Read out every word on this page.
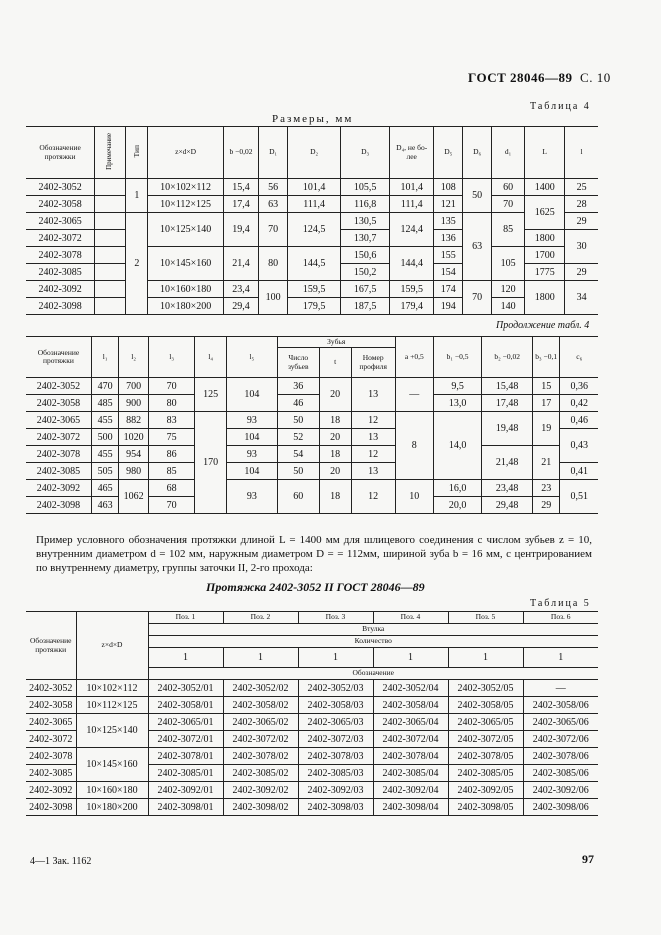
ГОСТ 28046—89 С. 10
Таблица 4
Размеры, мм
Обозначение протяжки	Примечание	Тип	z×d×D	b −0,02	D₁	D₂	D₃	D₄, не бо-лее	D₅	D₆	d₁	L	l
2402-3052		1	10×102×112	15,4	56	101,4	105,5	101,4	108	50	60	1400	25
2402-3058			10×112×125	17,4	63	111,4	116,8	111,4	121		70	1625	28
2402-3065		2	10×125×140	19,4	70	124,5	130,5	124,4	135	63	85		29
2402-3072							130,7		136			1800	30
2402-3078			10×145×160	21,4	80	144,5	150,6	144,4	155		105	1700	
2402-3085							150,2		154			1775	29
2402-3092			10×160×180	23,4	100	159,5	167,5	159,5	174	70	120	1800	34
2402-3098			10×180×200	29,4		179,5	187,5	179,4	194		140		
Продолжение табл. 4
Обозначение протяжки	l₁	l₂	l₃	l₄	l₅	Зубья			a +0,5	b₁ −0,5	b₂ −0,02	b₃ −0,1	c₆
						Число зубьев	t	Номер профиля					
2402-3052	470	700	70	125	104	36	20	13	—	9,5	15,48	15	0,36
2402-3058	485	900	80			46				13,0	17,48	17	0,42
2402-3065	455	882	83	170	93	50	18	12	8	14,0	19,48	19	0,46
2402-3072	500	1020	75		104	52	20	13					0,43
2402-3078	455	954	86		93	54	18	12			21,48	21	
2402-3085	505	980	85		104	50	20	13					0,41
2402-3092	465	1062	68		93	60	18	12	10	16,0	23,48	23	0,51
2402-3098	463		70							20,0	29,48	29	
Пример условного обозначения протяжки длиной L = 1400 мм для шлицевого соединения с числом зубьев z = 10, внутренним диаметром d = 102 мм, наружным диаметром D = = 112мм, шириной зуба b = 16 мм, с центрированием по внутреннему диаметру, группы заточки II, 2-го прохода:
Протяжка 2402-3052 II ГОСТ 28046—89
Таблица 5
Обозначение протяжки	z×d×D	Поз. 1	Поз. 2	Поз. 3	Поз. 4	Поз. 5	Поз. 6
		Втулка					
		Количество					
		1	1	1	1	1	1
		Обозначение					
2402-3052	10×102×112	2402-3052/01	2402-3052/02	2402-3052/03	2402-3052/04	2402-3052/05	—
2402-3058	10×112×125	2402-3058/01	2402-3058/02	2402-3058/03	2402-3058/04	2402-3058/05	2402-3058/06
2402-3065	10×125×140	2402-3065/01	2402-3065/02	2402-3065/03	2402-3065/04	2402-3065/05	2402-3065/06
2402-3072		2402-3072/01	2402-3072/02	2402-3072/03	2402-3072/04	2402-3072/05	2402-3072/06
2402-3078	10×145×160	2402-3078/01	2402-3078/02	2402-3078/03	2402-3078/04	2402-3078/05	2402-3078/06
2402-3085		2402-3085/01	2402-3085/02	2402-3085/03	2402-3085/04	2402-3085/05	2402-3085/06
2402-3092	10×160×180	2402-3092/01	2402-3092/02	2402-3092/03	2402-3092/04	2402-3092/05	2402-3092/06
2402-3098	10×180×200	2402-3098/01	2402-3098/02	2402-3098/03	2402-3098/04	2402-3098/05	2402-3098/06
4—1 Зак. 1162	97
